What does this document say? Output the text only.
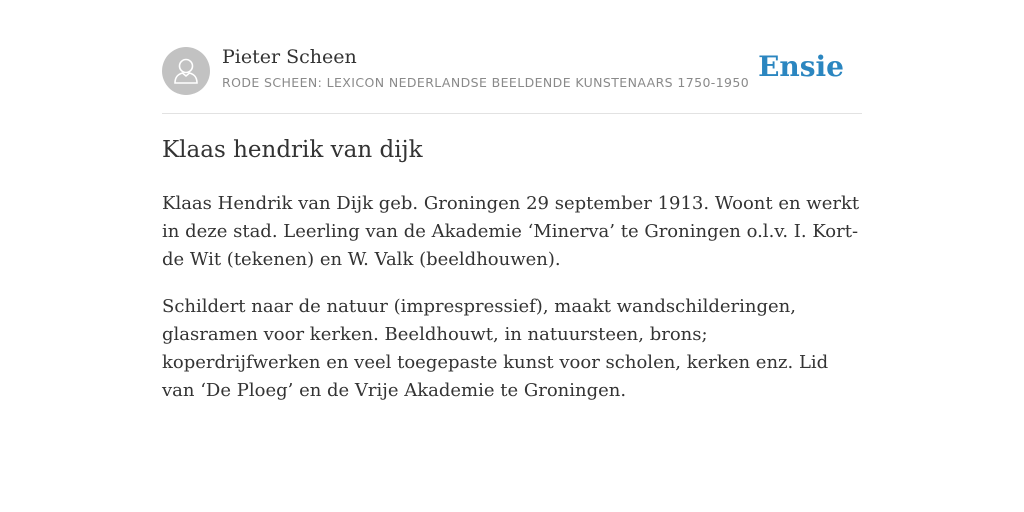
Pieter Scheen
RODE SCHEEN: LEXICON NEDERLANDSE BEELDENDE KUNSTENAARS 1750-1950 Ensie
Klaas hendrik van dijk

Klaas Hendrik van Dijk geb. Groningen 29 september 1913. Woont en werkt in deze stad. Leerling van de Akademie ‘Minerva’ te Groningen o.l.v. I. Kort-de Wit (tekenen) en W. Valk (beeldhouwen).

Schildert naar de natuur (imprespressief), maakt wandschilderingen, glasramen voor kerken. Beeldhouwt, in natuursteen, brons; koperdrijfwerken en veel toegepaste kunst voor scholen, kerken enz. Lid van ‘De Ploeg’ en de Vrije Akademie te Groningen.
